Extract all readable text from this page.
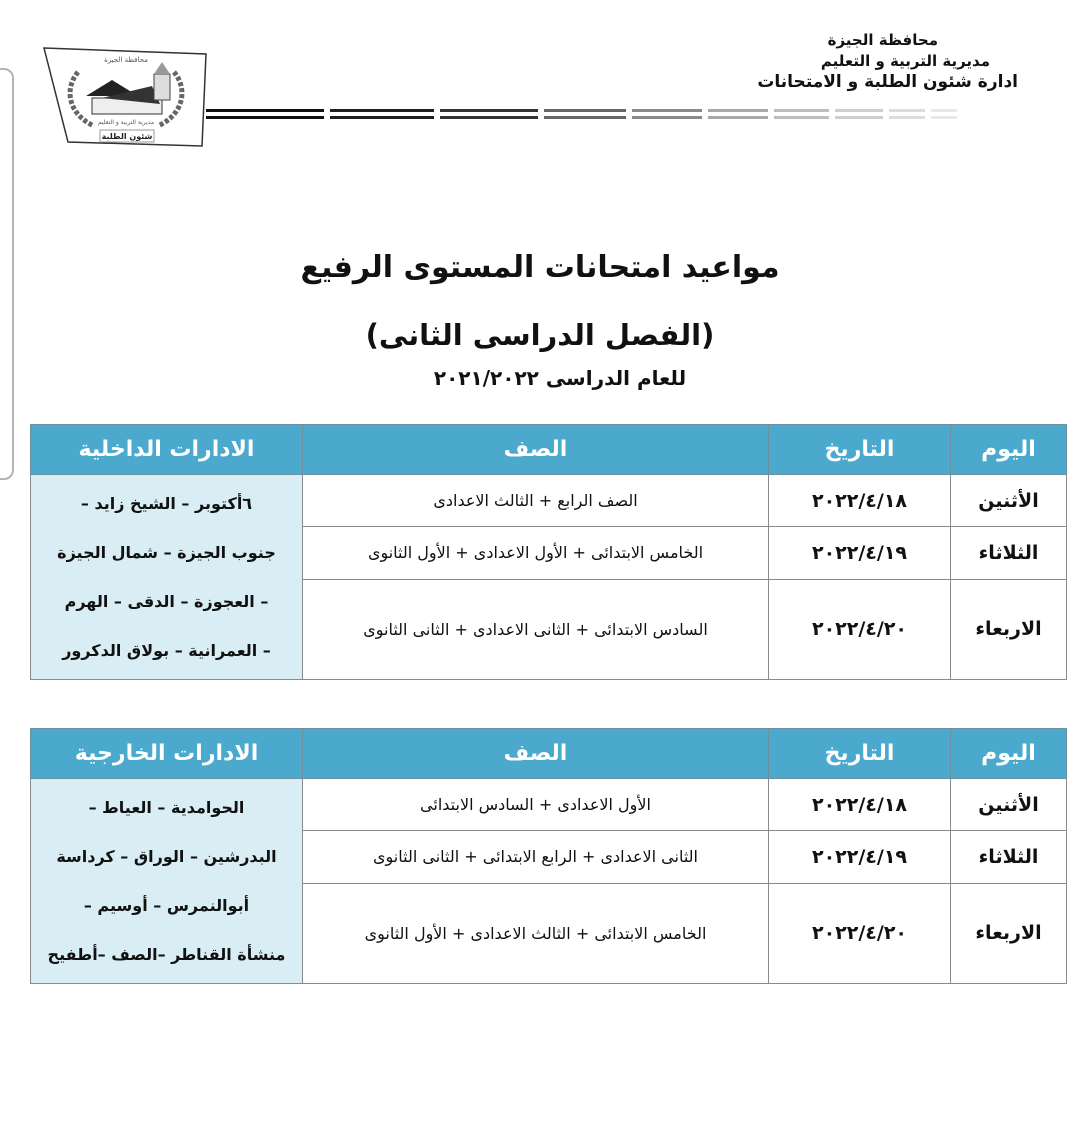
محافظة الجيزة
مديرية التربية و التعليم
شئون الطلبة
محافظة الجيزة
مديرية التربية و التعليم
ادارة شئون الطلبة و الامتحانات
مواعيد امتحانات المستوى الرفيع
(الفصل الدراسى الثانى)
للعام الدراسى ٢٠٢١/٢٠٢٢
اليوم	التاريخ	الصف	الادارات الداخلية
الأثنين	٢٠٢٢/٤/١٨	الصف الرابع + الثالث الاعدادى	٦أكتوبر – الشيخ زايد –
جنوب الجيزة – شمال الجيزة
– العجوزة – الدقى – الهرم
– العمرانية – بولاق الدكرور

الثلاثاء	٢٠٢٢/٤/١٩	الخامس الابتدائى + الأول الاعدادى + الأول الثانوى	
الاربعاء	٢٠٢٢/٤/٢٠	السادس الابتدائى + الثانى الاعدادى + الثانى الثانوى	
اليوم	التاريخ	الصف	الادارات الخارجية
الأثنين	٢٠٢٢/٤/١٨	الأول الاعدادى + السادس الابتدائى	الحوامدية – العياط –
البدرشين – الوراق – كرداسة
أبوالنمرس – أوسيم –
منشأة القناطر –الصف –أطفيح

الثلاثاء	٢٠٢٢/٤/١٩	الثانى الاعدادى + الرابع الابتدائى + الثانى الثانوى	
الاربعاء	٢٠٢٢/٤/٢٠	الخامس الابتدائى + الثالث الاعدادى + الأول الثانوى	
